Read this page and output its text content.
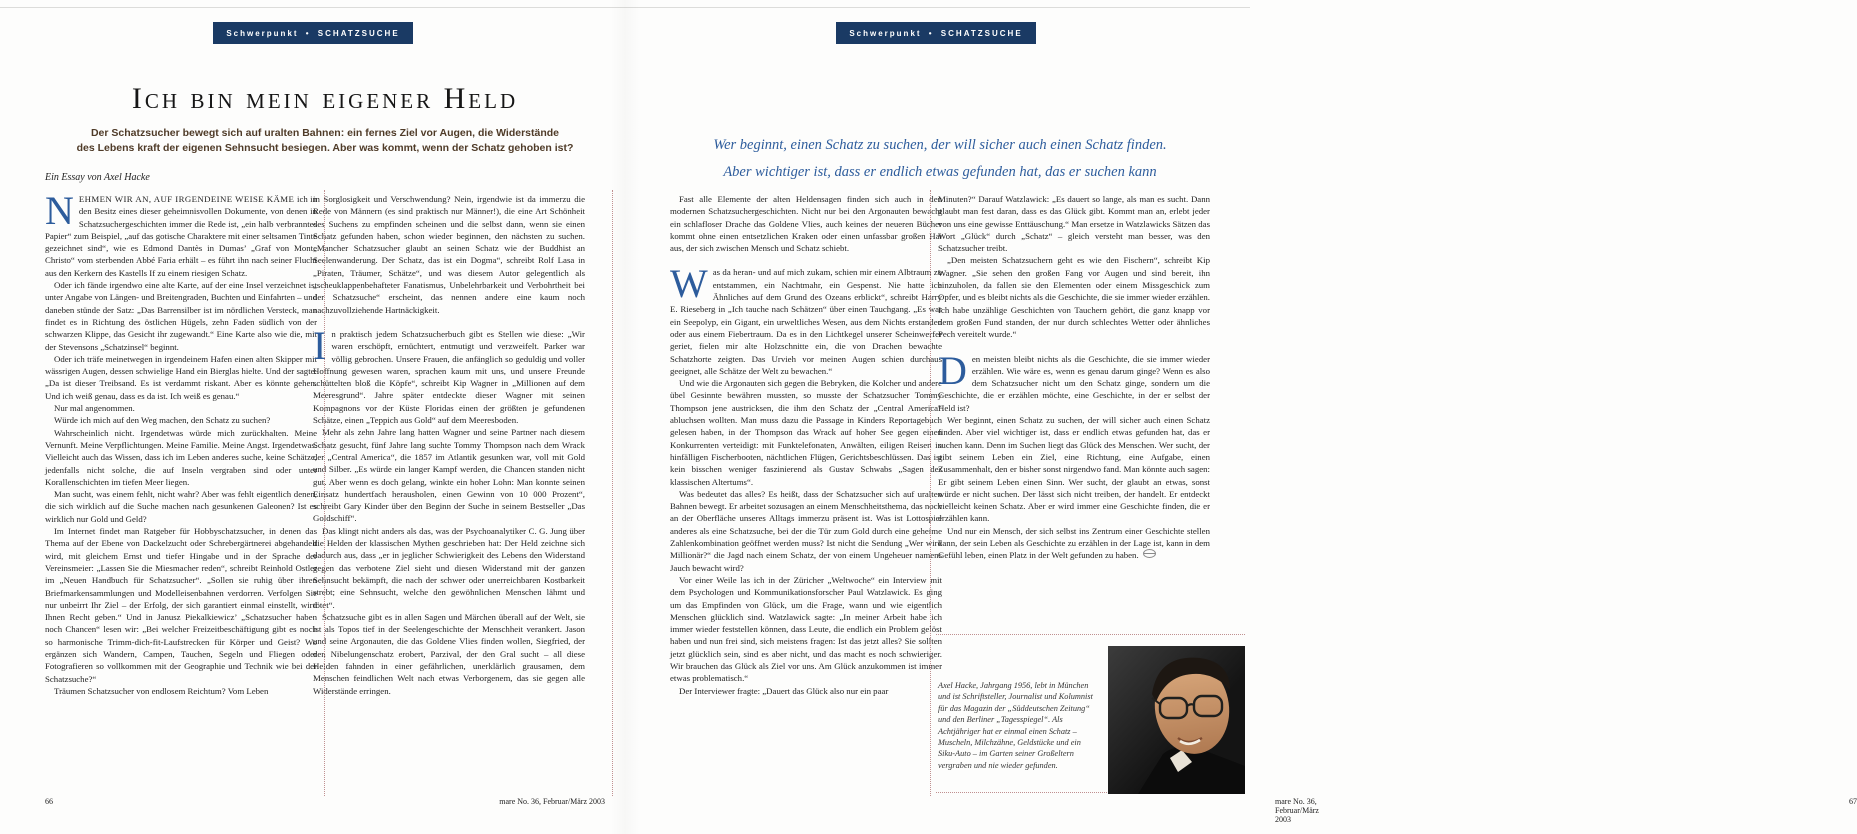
Schwerpunkt • SCHATZSUCHE
Ich bin mein eigener Held
Der Schatzsucher bewegt sich auf uralten Bahnen: ein fernes Ziel vor Augen, die Widerstände
des Lebens kraft der eigenen Sehnsucht besiegen. Aber was kommt, wenn der Schatz gehoben ist?
Ein Essay von Axel Hacke

NEHMEN WIR AN, AUF IRGENDEINE WEISE KÄME ich in den Besitz eines dieser geheimnisvollen Dokumente, von denen in Schatzsuchergeschichten immer die Rede ist, „ein halb verbranntes Papier“ zum Beispiel, „auf das gotische Charaktere mit einer seltsamen Tinte gezeichnet sind“, wie es Edmond Dantès in Dumas’ „Graf von Monte Christo“ vom sterbenden Abbé Faria erhält – es führt ihn nach seiner Flucht aus den Kerkern des Kastells If zu einem riesigen Schatz.

Oder ich fände irgendwo eine alte Karte, auf der eine Insel verzeichnet ist unter Angabe von Längen- und Breitengraden, Buchten und Einfahrten – und daneben stünde der Satz: „Das Barrensilber ist im nördlichen Versteck, man findet es in Richtung des östlichen Hügels, zehn Faden südlich von der schwarzen Klippe, das Gesicht ihr zugewandt.“ Eine Karte also wie die, mit der Stevensons „Schatzinsel“ beginnt.

Oder ich träfe meinetwegen in irgendeinem Hafen einen alten Skipper mit wässrigen Augen, dessen schwielige Hand ein Bierglas hielte. Und der sagte: „Da ist dieser Treibsand. Es ist verdammt riskant. Aber es könnte gehen. Und ich weiß genau, dass es da ist. Ich weiß es genau.“

Nur mal angenommen.

Würde ich mich auf den Weg machen, den Schatz zu suchen?

Wahrscheinlich nicht. Irgendetwas würde mich zurückhalten. Meine Vernunft. Meine Verpflichtungen. Meine Familie. Meine Angst. Irgendetwas. Vielleicht auch das Wissen, dass ich im Leben anderes suche, keine Schätze, jedenfalls nicht solche, die auf Inseln vergraben sind oder unter Korallenschichten im tiefen Meer liegen.

Man sucht, was einem fehlt, nicht wahr? Aber was fehlt eigentlich denen, die sich wirklich auf die Suche machen nach gesunkenen Galeonen? Ist es wirklich nur Gold und Geld?

Im Internet findet man Ratgeber für Hobbyschatzsucher, in denen das Thema auf der Ebene von Dackelzucht oder Schrebergärtnerei abgehandelt wird, mit gleichem Ernst und tiefer Hingabe und in der Sprache der Vereinsmeier: „Lassen Sie die Miesmacher reden“, schreibt Reinhold Ostler im „Neuen Handbuch für Schatzsucher“. „Sollen sie ruhig über ihren Briefmarkensammlungen und Modelleisenbahnen verdorren. Verfolgen Sie nur unbeirrt Ihr Ziel – der Erfolg, der sich garantiert einmal einstellt, wird Ihnen Recht geben.“ Und in Janusz Piekalkiewicz’ „Schatzsucher haben noch Chancen“ lesen wir: „Bei welcher Freizeitbeschäftigung gibt es noch so harmonische Trimm-dich-fit-Laufstrecken für Körper und Geist? Wo ergänzen sich Wandern, Campen, Tauchen, Segeln und Fliegen oder Fotografieren so vollkommen mit der Geographie und Technik wie bei der Schatzsuche?“

Träumen Schatzsucher von endlosem Reichtum? Vom Leben

in Sorglosigkeit und Verschwendung? Nein, irgendwie ist da immerzu die Rede von Männern (es sind praktisch nur Männer!), die eine Art Schönheit des Suchens zu empfinden scheinen und die selbst dann, wenn sie einen Schatz gefunden haben, schon wieder beginnen, den nächsten zu suchen. „Mancher Schatzsucher glaubt an seinen Schatz wie der Buddhist an Seelenwanderung. Der Schatz, das ist ein Dogma“, schreibt Rolf Lasa in „Piraten, Träumer, Schätze“, und was diesem Autor gelegentlich als „scheuklappenbehafteter Fanatismus, Unbelehrbarkeit und Verbohrtheit bei der Schatzsuche“ erscheint, das nennen andere eine kaum noch nachzuvollziehende Hartnäckigkeit.

In praktisch jedem Schatzsucherbuch gibt es Stellen wie diese: „Wir waren erschöpft, ernüchtert, entmutigt und verzweifelt. Parker war völlig gebrochen. Unsere Frauen, die anfänglich so geduldig und voller Hoffnung gewesen waren, sprachen kaum mit uns, und unsere Freunde schüttelten bloß die Köpfe“, schreibt Kip Wagner in „Millionen auf dem Meeresgrund“. Jahre später entdeckte dieser Wagner mit seinen Kompagnons vor der Küste Floridas einen der größten je gefundenen Schätze, einen „Teppich aus Gold“ auf dem Meeresboden.

Mehr als zehn Jahre lang hatten Wagner und seine Partner nach diesem Schatz gesucht, fünf Jahre lang suchte Tommy Thompson nach dem Wrack der „Central America“, die 1857 im Atlantik gesunken war, voll mit Gold und Silber. „Es würde ein langer Kampf werden, die Chancen standen nicht gut. Aber wenn es doch gelang, winkte ein hoher Lohn: Man konnte seinen Einsatz hundertfach herausholen, einen Gewinn von 10 000 Prozent“, schreibt Gary Kinder über den Beginn der Suche in seinem Bestseller „Das Goldschiff“.

Das klingt nicht anders als das, was der Psychoanalytiker C. G. Jung über die Helden der klassischen Mythen geschrieben hat: Der Held zeichne sich dadurch aus, dass „er in jeglicher Schwierigkeit des Lebens den Widerstand gegen das verbotene Ziel sieht und diesen Widerstand mit der ganzen Sehnsucht bekämpft, die nach der schwer oder unerreichbaren Kostbarkeit strebt; eine Sehnsucht, welche den gewöhnlichen Menschen lähmt und tötet“.

Schatzsuche gibt es in allen Sagen und Märchen überall auf der Welt, sie ist als Topos tief in der Seelengeschichte der Menschheit verankert. Jason und seine Argonauten, die das Goldene Vlies finden wollen, Siegfried, der den Nibelungenschatz erobert, Parzival, der den Gral sucht – all diese Helden fahnden in einer gefährlichen, unerklärlich grausamen, dem Menschen feindlichen Welt nach etwas Verborgenem, das sie gegen alle Widerstände erringen.

66	mare No. 36, Februar/März 2003
Schwerpunkt • SCHATZSUCHE
Wer beginnt, einen Schatz zu suchen, der will sicher auch einen Schatz finden.
Aber wichtiger ist, dass er endlich etwas gefunden hat, das er suchen kann

Fast alle Elemente der alten Heldensagen finden sich auch in den modernen Schatzsuchergeschichten. Nicht nur bei den Argonauten bewacht ein schlafloser Drache das Goldene Vlies, auch keines der neueren Bücher kommt ohne einen entsetzlichen Kraken oder einen unfassbar großen Hai aus, der sich zwischen Mensch und Schatz schiebt.

Was da heran- und auf mich zukam, schien mir einem Albtraum zu entstammen, ein Nachtmahr, ein Gespenst. Nie hatte ich Ähnliches auf dem Grund des Ozeans erblickt“, schreibt Harry E. Rieseberg in „Ich tauche nach Schätzen“ über einen Tauchgang. „Es war ein Seepolyp, ein Gigant, ein urweltliches Wesen, aus dem Nichts erstanden oder aus einem Fiebertraum. Da es in den Lichtkegel unserer Scheinwerfer geriet, fielen mir alte Holzschnitte ein, die von Drachen bewachte Schatzhorte zeigten. Das Urvieh vor meinen Augen schien durchaus geeignet, alle Schätze der Welt zu bewachen.“

Und wie die Argonauten sich gegen die Bebryken, die Kolcher und andere übel Gesinnte bewähren mussten, so musste der Schatzsucher Tommy Thompson jene austricksen, die ihm den Schatz der „Central America“ abluchsen wollten. Man muss dazu die Passage in Kinders Reportagebuch gelesen haben, in der Thompson das Wrack auf hoher See gegen einen Konkurrenten verteidigt: mit Funktelefonaten, Anwälten, eiligen Reisen in hinfälligen Fischerbooten, nächtlichen Flügen, Gerichtsbeschlüssen. Das ist kein bisschen weniger faszinierend als Gustav Schwabs „Sagen des klassischen Altertums“.

Was bedeutet das alles? Es heißt, dass der Schatzsucher sich auf uralten Bahnen bewegt. Er arbeitet sozusagen an einem Menschheitsthema, das noch an der Oberfläche unseres Alltags immerzu präsent ist. Was ist Lottospiel anderes als eine Schatzsuche, bei der die Tür zum Gold durch eine geheime Zahlenkombination geöffnet werden muss? Ist nicht die Sendung „Wer wird Millionär?“ die Jagd nach einem Schatz, der von einem Ungeheuer namens Jauch bewacht wird?

Vor einer Weile las ich in der Züricher „Weltwoche“ ein Interview mit dem Psychologen und Kommunikationsforscher Paul Watzlawick. Es ging um das Empfinden von Glück, um die Frage, wann und wie eigentlich Menschen glücklich sind. Watzlawick sagte: „In meiner Arbeit habe ich immer wieder feststellen können, dass Leute, die endlich ein Problem gelöst haben und nun frei sind, sich meistens fragen: Ist das jetzt alles? Sie sollten jetzt glücklich sein, sind es aber nicht, und das macht es noch schwieriger. Wir brauchen das Glück als Ziel vor uns. Am Glück anzukommen ist immer etwas problematisch.“

Der Interviewer fragte: „Dauert das Glück also nur ein paar

Minuten?“ Darauf Watzlawick: „Es dauert so lange, als man es sucht. Dann glaubt man fest daran, dass es das Glück gibt. Kommt man an, erlebt jeder von uns eine gewisse Enttäuschung.“ Man ersetze in Watzlawicks Sätzen das Wort „Glück“ durch „Schatz“ – gleich versteht man besser, was den Schatzsucher treibt.

„Den meisten Schatzsuchern geht es wie den Fischern“, schreibt Kip Wagner. „Sie sehen den großen Fang vor Augen und sind bereit, ihn einzuholen, da fallen sie den Elementen oder einem Missgeschick zum Opfer, und es bleibt nichts als die Geschichte, die sie immer wieder erzählen. Ich habe unzählige Geschichten von Tauchern gehört, die ganz knapp vor dem großen Fund standen, der nur durch schlechtes Wetter oder ähnliches Pech vereitelt wurde.“

Den meisten bleibt nichts als die Geschichte, die sie immer wieder erzählen. Wie wäre es, wenn es genau darum ginge? Wenn es also dem Schatzsucher nicht um den Schatz ginge, sondern um die Geschichte, die er erzählen möchte, eine Geschichte, in der er selbst der Held ist?

Wer beginnt, einen Schatz zu suchen, der will sicher auch einen Schatz finden. Aber viel wichtiger ist, dass er endlich etwas gefunden hat, das er suchen kann. Denn im Suchen liegt das Glück des Menschen. Wer sucht, der gibt seinem Leben ein Ziel, eine Richtung, eine Aufgabe, einen Zusammenhalt, den er bisher sonst nirgendwo fand. Man könnte auch sagen: Er gibt seinem Leben einen Sinn. Wer sucht, der glaubt an etwas, sonst würde er nicht suchen. Der lässt sich nicht treiben, der handelt. Er entdeckt vielleicht keinen Schatz. Aber er wird immer eine Geschichte finden, die er erzählen kann.

Und nur ein Mensch, der sich selbst ins Zentrum einer Geschichte stellen kann, der sein Leben als Geschichte zu erzählen in der Lage ist, kann in dem Gefühl leben, einen Platz in der Welt gefunden zu haben.

Axel Hacke, Jahrgang 1956, lebt in München und ist Schriftsteller, Journalist und Kolumnist für das Magazin der „Süddeutschen Zeitung“ und den Berliner „Tagesspiegel“. Als Achtjähriger hat er einmal einen Schatz – Muscheln, Milchzähne, Geldstücke und ein Siku-Auto – im Garten seiner Großeltern vergraben und nie wieder gefunden.
mare No. 36, Februar/März 2003
67
